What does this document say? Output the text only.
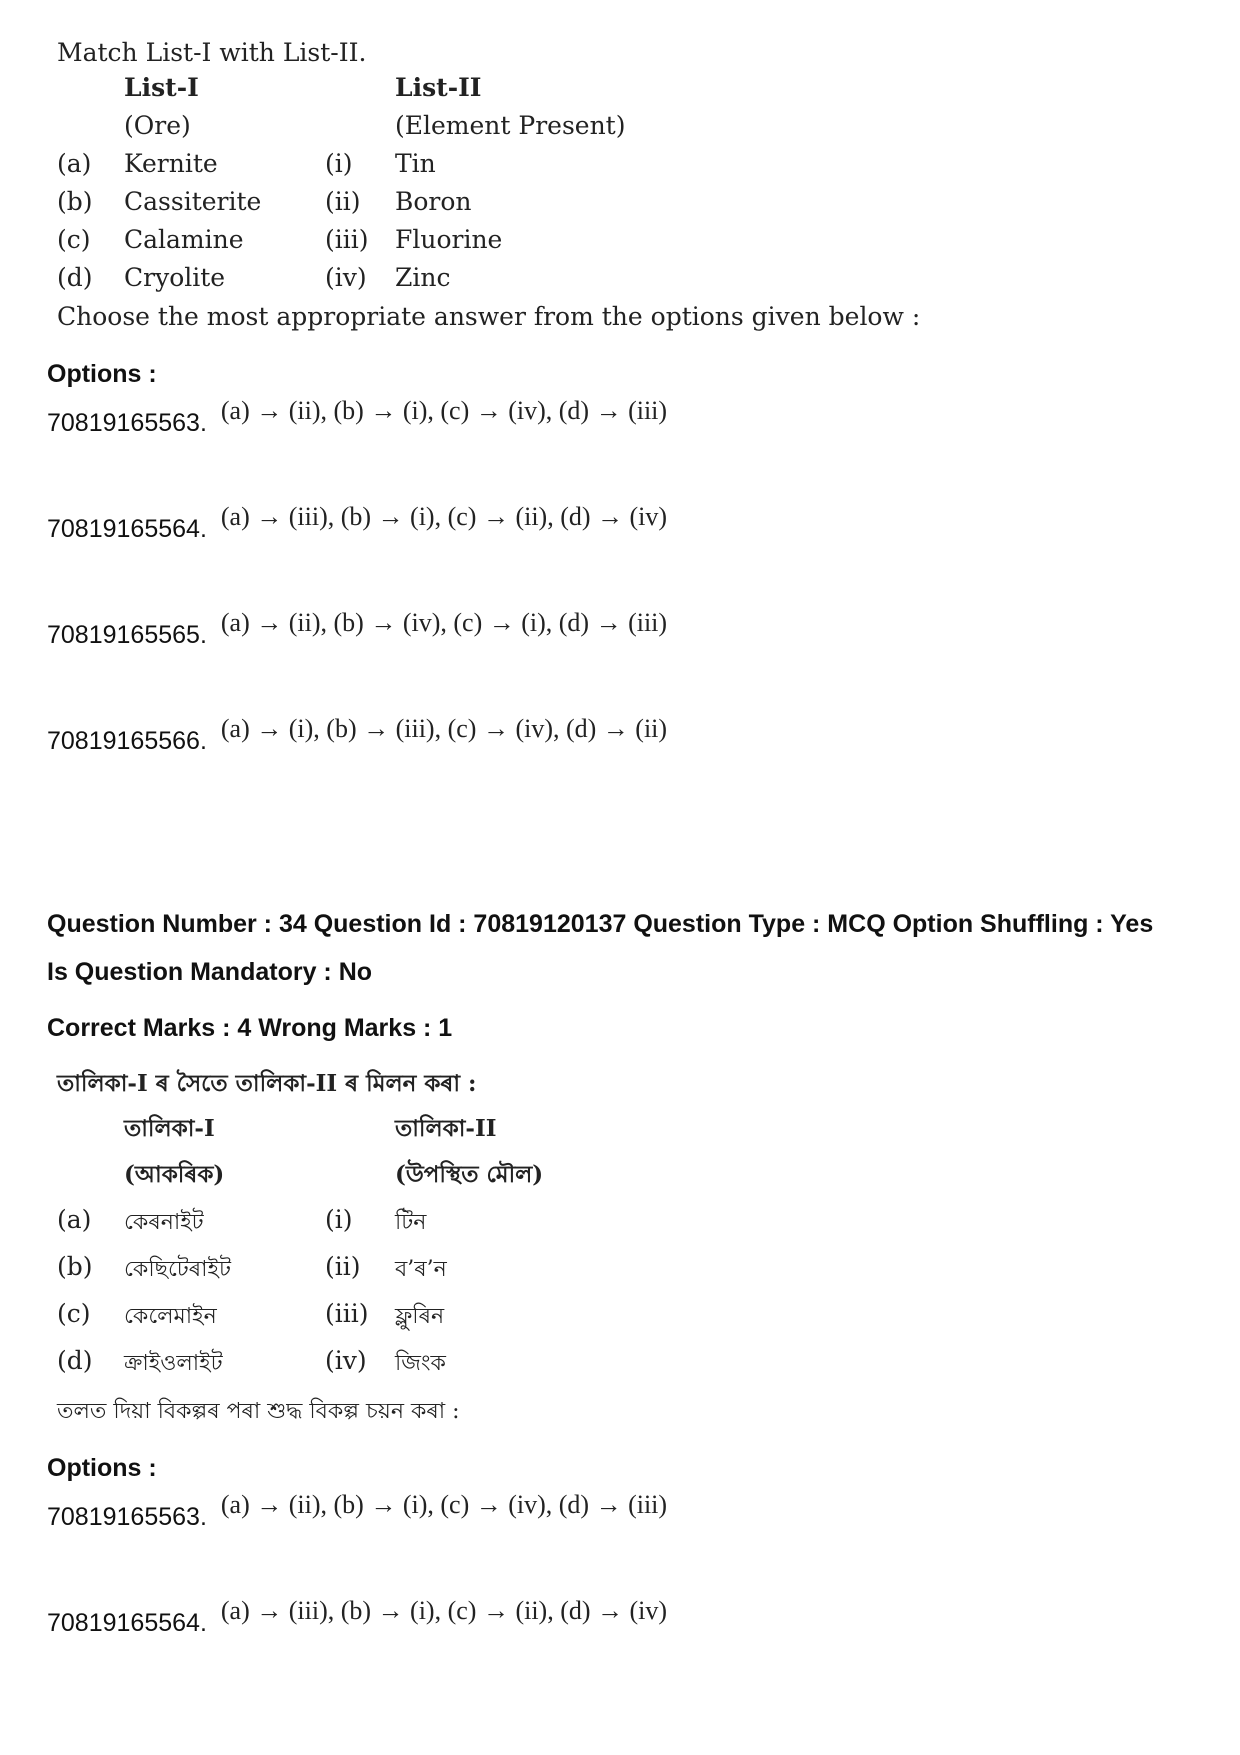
Match List-I with List-II.
List-I	List-II
(Ore)	(Element Present)
(a) Kernite	(i) Tin
(b) Cassiterite	(ii) Boron
(c) Calamine	(iii) Fluorine
(d) Cryolite	(iv) Zinc
Choose the most appropriate answer from the options given below :
Options :
70819165563. (a) → (ii), (b) → (i), (c) → (iv), (d) → (iii)
70819165564. (a) → (iii), (b) → (i), (c) → (ii), (d) → (iv)
70819165565. (a) → (ii), (b) → (iv), (c) → (i), (d) → (iii)
70819165566. (a) → (i), (b) → (iii), (c) → (iv), (d) → (ii)
Question Number : 34 Question Id : 70819120137 Question Type : MCQ Option Shuffling : Yes
Is Question Mandatory : No
Correct Marks : 4 Wrong Marks : 1
তালিকা-I ৰ সৈতে তালিকা-II ৰ মিলন কৰা :
তালিকা-I	তালিকা-II
(আকৰিক)	(উপস্থিত মৌল)
(a) কেৰনাইট	(i) টিন
(b) কেছিটেৰাইট	(ii) ব’ৰ’ন
(c) কেলেমাইন	(iii) ফ্লুৰিন
(d) ক্ৰাইওলাইট	(iv) জিংক
তলত দিয়া বিকল্পৰ পৰা শুদ্ধ বিকল্প চয়ন কৰা :
Options :
70819165563. (a) → (ii), (b) → (i), (c) → (iv), (d) → (iii)
70819165564. (a) → (iii), (b) → (i), (c) → (ii), (d) → (iv)
